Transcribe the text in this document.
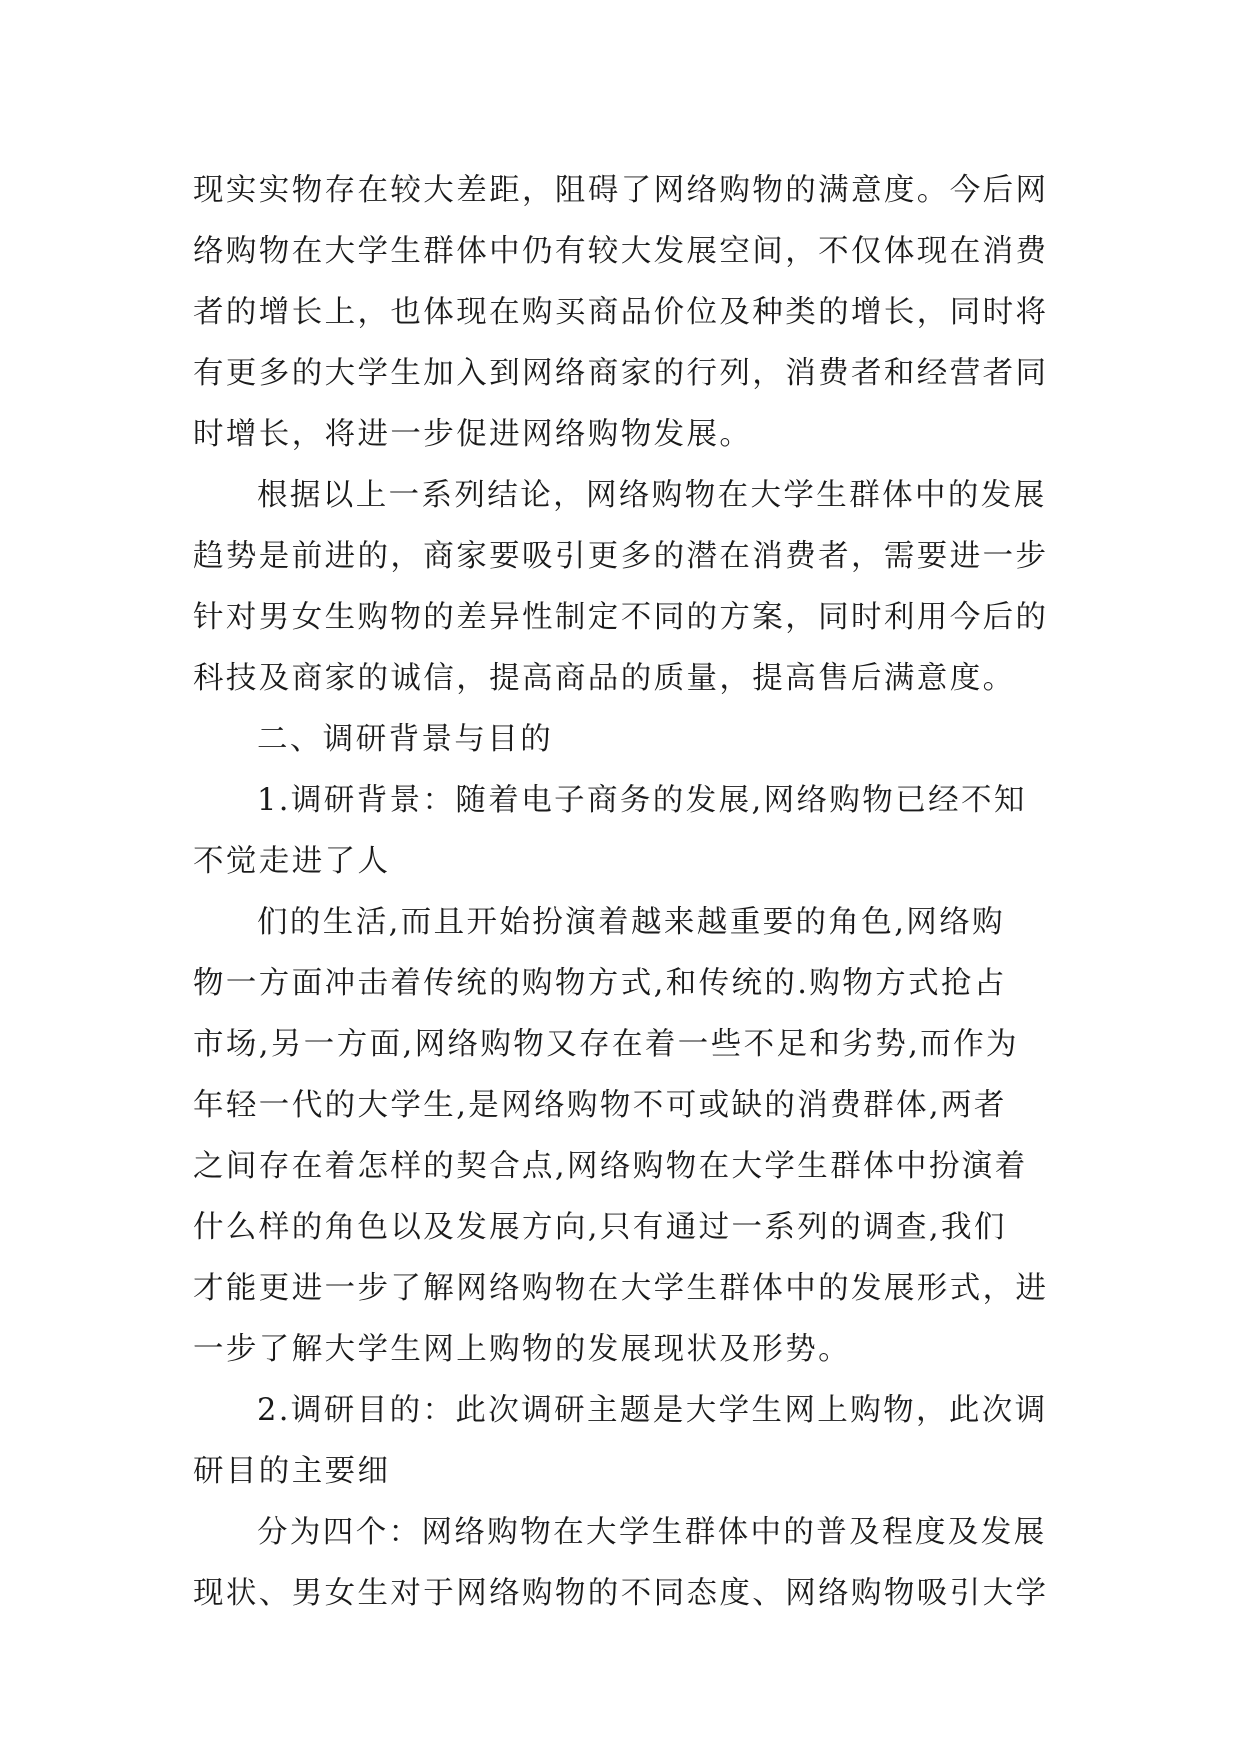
现实实物存在较大差距，阻碍了网络购物的满意度。今后网
络购物在大学生群体中仍有较大发展空间，不仅体现在消费
者的增长上，也体现在购买商品价位及种类的增长，同时将
有更多的大学生加入到网络商家的行列，消费者和经营者同
时增长，将进一步促进网络购物发展。
根据以上一系列结论，网络购物在大学生群体中的发展
趋势是前进的，商家要吸引更多的潜在消费者，需要进一步
针对男女生购物的差异性制定不同的方案，同时利用今后的
科技及商家的诚信，提高商品的质量，提高售后满意度。
二、调研背景与目的
1.调研背景：随着电子商务的发展,网络购物已经不知
不觉走进了人
们的生活,而且开始扮演着越来越重要的角色,网络购
物一方面冲击着传统的购物方式,和传统的.购物方式抢占
市场,另一方面,网络购物又存在着一些不足和劣势,而作为
年轻一代的大学生,是网络购物不可或缺的消费群体,两者
之间存在着怎样的契合点,网络购物在大学生群体中扮演着
什么样的角色以及发展方向,只有通过一系列的调查,我们
才能更进一步了解网络购物在大学生群体中的发展形式，进
一步了解大学生网上购物的发展现状及形势。
2.调研目的：此次调研主题是大学生网上购物，此次调
研目的主要细
分为四个：网络购物在大学生群体中的普及程度及发展
现状、男女生对于网络购物的不同态度、网络购物吸引大学
